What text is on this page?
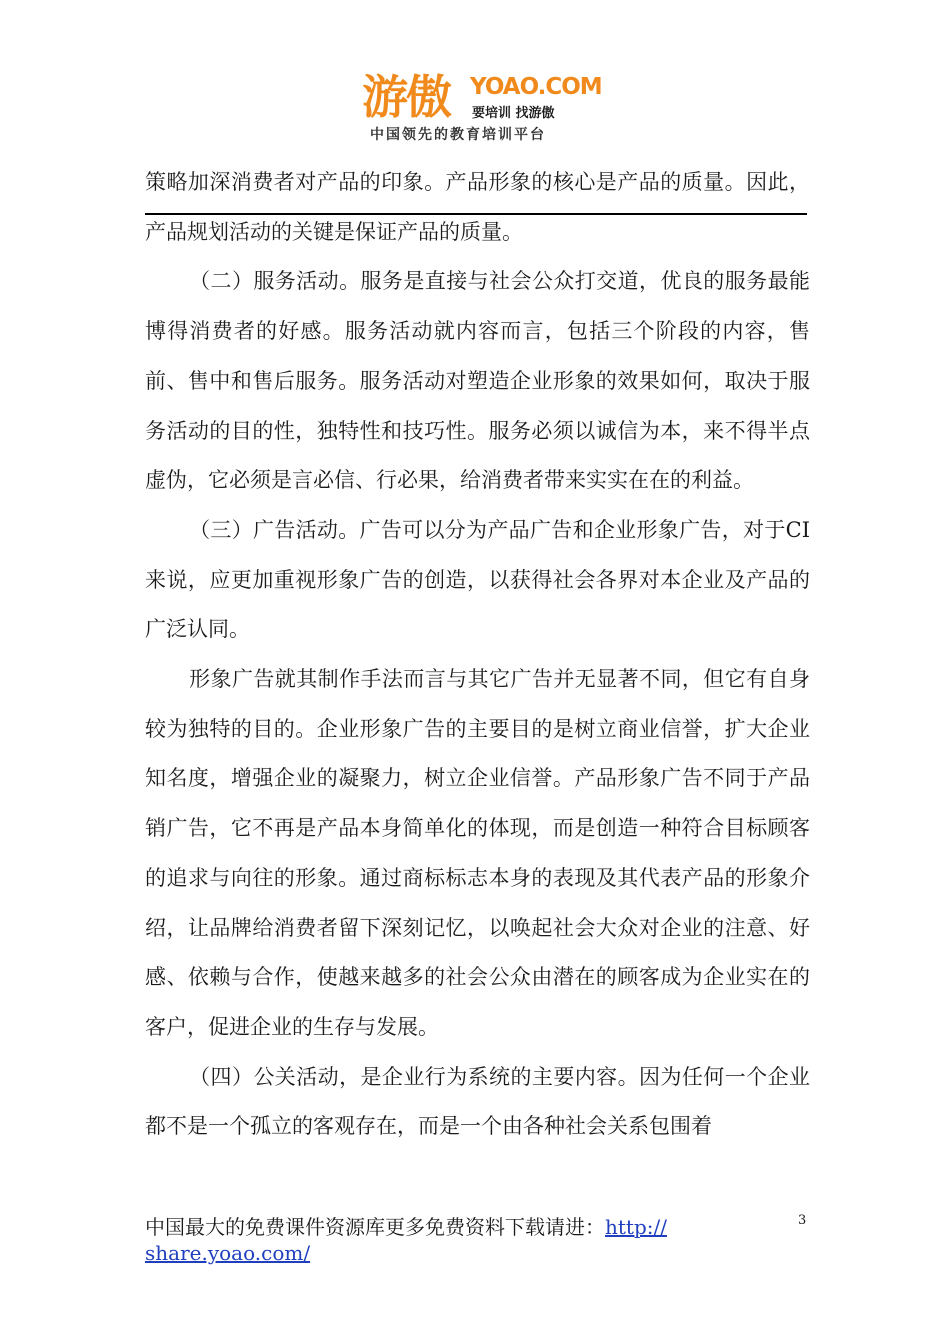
游傲 YOAO.COM
要培训 找游傲
中国领先的教育培训平台

策略加深消费者对产品的印象。产品形象的核心是产品的质量。因此，产品规划活动的关键是保证产品的质量。

（二）服务活动。服务是直接与社会公众打交道，优良的服务最能博得消费者的好感。服务活动就内容而言，包括三个阶段的内容，售前、售中和售后服务。服务活动对塑造企业形象的效果如何，取决于服务活动的目的性，独特性和技巧性。服务必须以诚信为本，来不得半点虚伪，它必须是言必信、行必果，给消费者带来实实在在的利益。

（三）广告活动。广告可以分为产品广告和企业形象广告，对于CI来说，应更加重视形象广告的创造，以获得社会各界对本企业及产品的广泛认同。

形象广告就其制作手法而言与其它广告并无显著不同，但它有自身较为独特的目的。企业形象广告的主要目的是树立商业信誉，扩大企业知名度，增强企业的凝聚力，树立企业信誉。产品形象广告不同于产品销广告，它不再是产品本身简单化的体现，而是创造一种符合目标顾客的追求与向往的形象。通过商标标志本身的表现及其代表产品的形象介绍，让品牌给消费者留下深刻记忆，以唤起社会大众对企业的注意、好感、依赖与合作，使越来越多的社会公众由潜在的顾客成为企业实在的客户，促进企业的生存与发展。

（四）公关活动，是企业行为系统的主要内容。因为任何一个企业都不是一个孤立的客观存在，而是一个由各种社会关系包围着

中国最大的免费课件资源库更多免费资料下载请进：http://
share.yoao.com/
3
